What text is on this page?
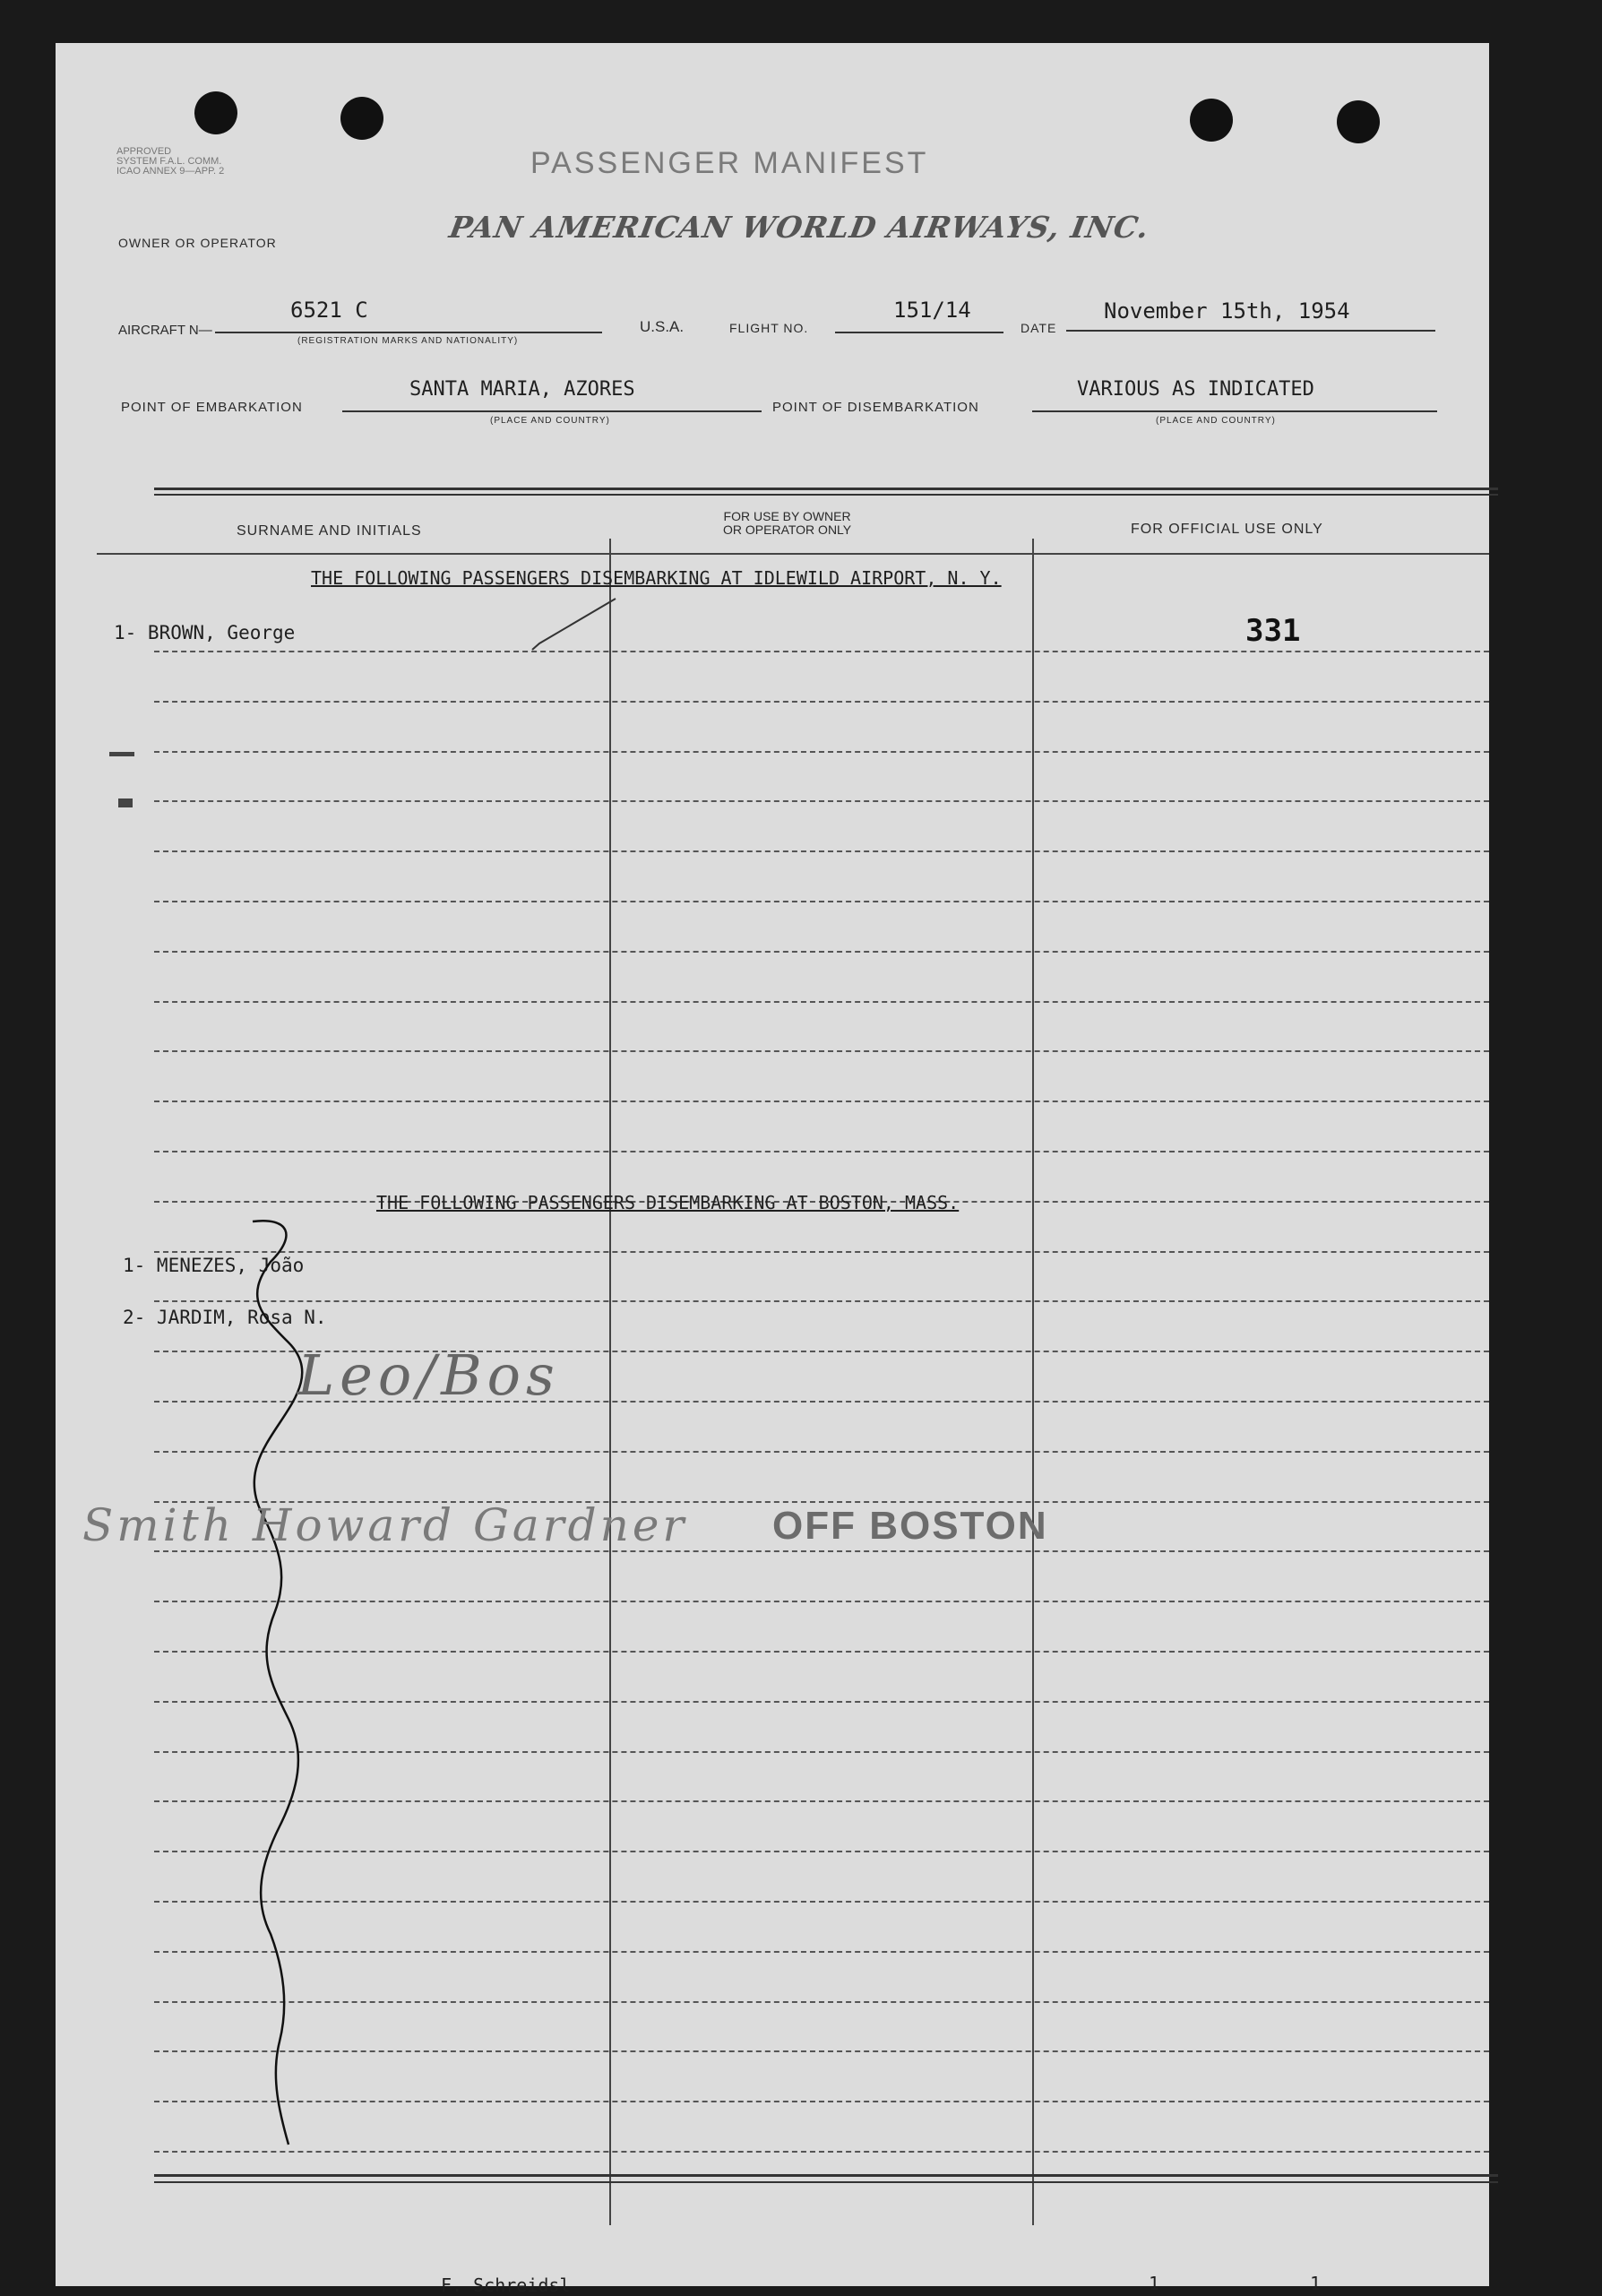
APPROVED
SYSTEM F.A.L. COMM.
ICAO ANNEX 9—APP. 2	PASSENGER MANIFEST
OWNER OR OPERATOR	PAN AMERICAN WORLD AIRWAYS, INC.
AIRCRAFT N—
6521 C
(REGISTRATION MARKS AND NATIONALITY)
U.S.A.	FLIGHT NO.
151/14
DATE
November 15th, 1954
POINT OF EMBARKATION
SANTA MARIA, AZORES
(PLACE AND COUNTRY)
POINT OF DISEMBARKATION
VARIOUS AS INDICATED
(PLACE AND COUNTRY)
SURNAME AND INITIALS
FOR USE BY OWNER
OR OPERATOR ONLY	FOR OFFICIAL USE ONLY
THE FOLLOWING PASSENGERS DISEMBARKING AT IDLEWILD AIRPORT, N. Y.
1- BROWN, George	331
THE FOLLOWING PASSENGERS DISEMBARKING AT BOSTON, MASS.
1- MENEZES, João
2- JARDIM, Rosa N.
Leo/Bos
Smith Howard Gardner OFF BOSTON
F. Schreidsl	1	1
